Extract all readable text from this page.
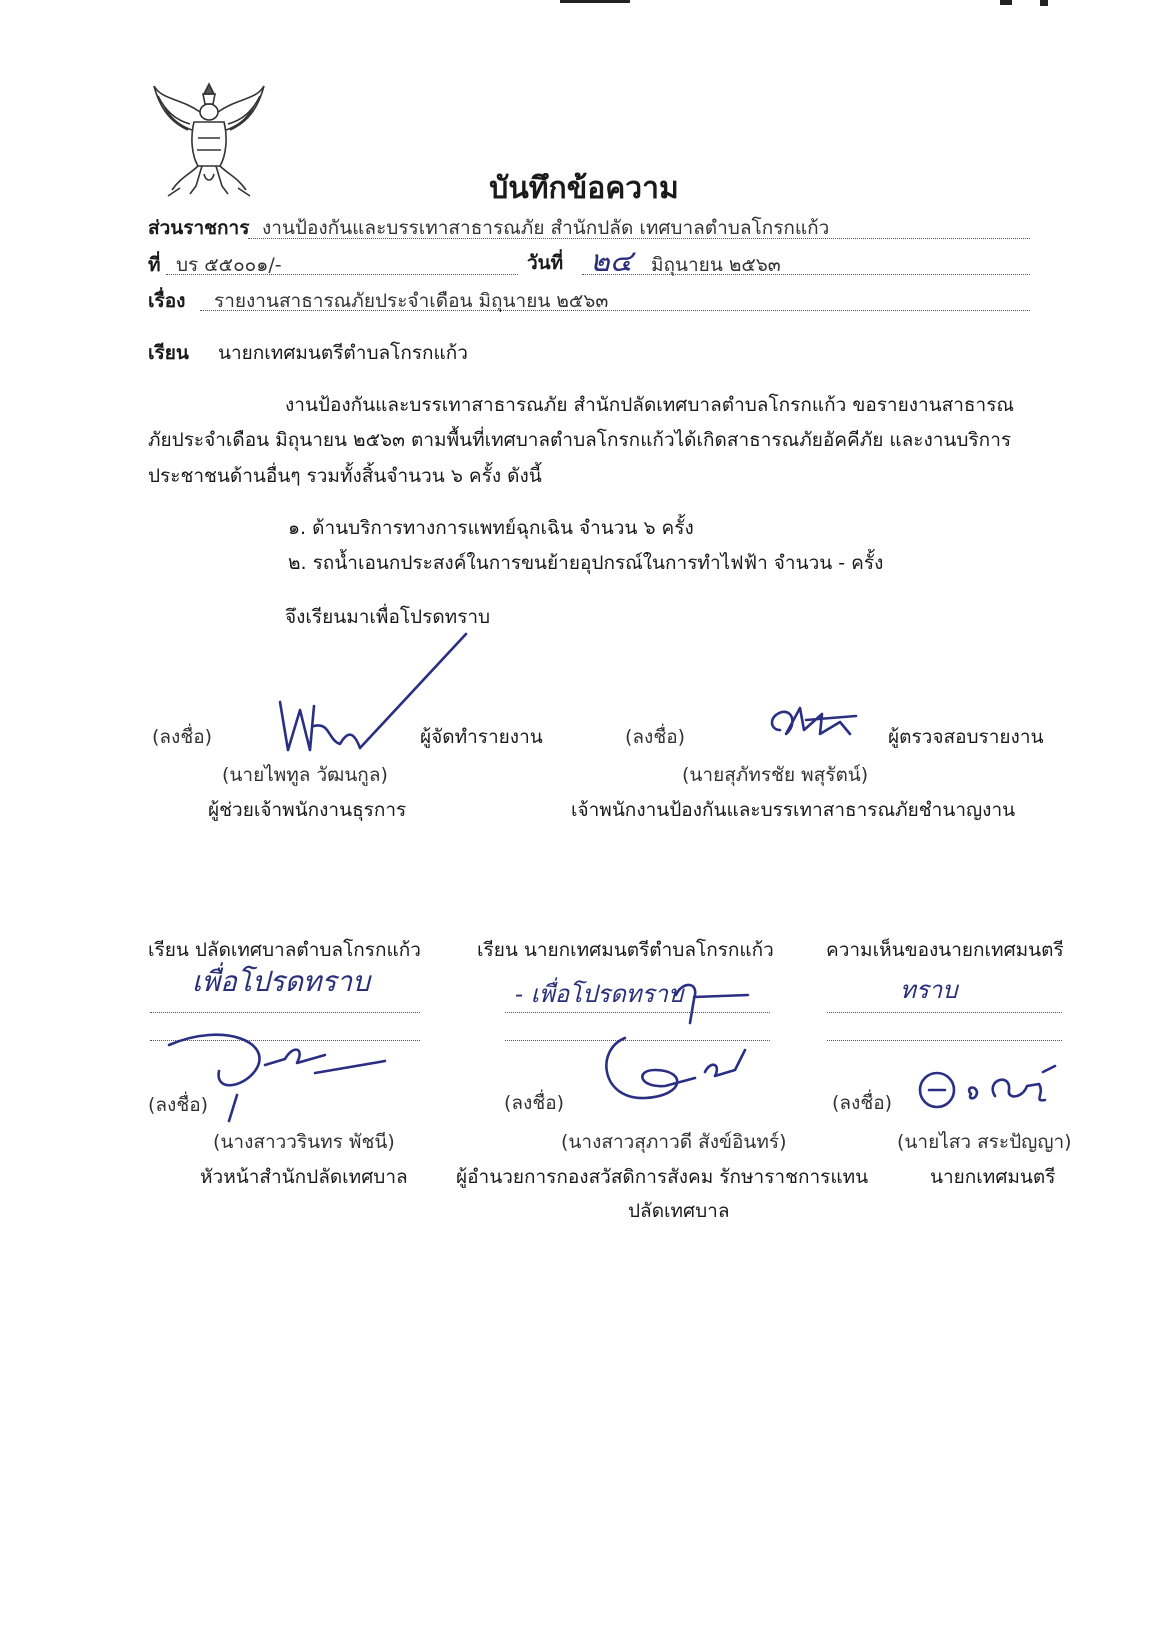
บันทึกข้อความ
ส่วนราชการ งานป้องกันและบรรเทาสาธารณภัย สำนักปลัด เทศบาลตำบลโกรกแก้ว
ที่ บร ๕๕๐๐๑/-	วันที่ ๒๔ มิถุนายน ๒๕๖๓
เรื่อง รายงานสาธารณภัยประจำเดือน มิถุนายน ๒๕๖๓
เรียน นายกเทศมนตรีตำบลโกรกแก้ว
งานป้องกันและบรรเทาสาธารณภัย สำนักปลัดเทศบาลตำบลโกรกแก้ว ขอรายงานสาธารณ
ภัยประจำเดือน มิถุนายน ๒๕๖๓ ตามพื้นที่เทศบาลตำบลโกรกแก้วได้เกิดสาธารณภัยอัคคีภัย และงานบริการ
ประชาชนด้านอื่นๆ รวมทั้งสิ้นจำนวน ๖ ครั้ง ดังนี้
๑. ด้านบริการทางการแพทย์ฉุกเฉิน จำนวน ๖ ครั้ง
๒. รถน้ำเอนกประสงค์ในการขนย้ายอุปกรณ์ในการทำไฟฟ้า จำนวน - ครั้ง
จึงเรียนมาเพื่อโปรดทราบ
(ลงชื่อ)	ผู้จัดทำรายงาน
(นายไพทูล วัฒนกูล)
ผู้ช่วยเจ้าพนักงานธุรการ
(ลงชื่อ)	ผู้ตรวจสอบรายงาน
(นายสุภัทรชัย พสุรัตน์)
เจ้าพนักงานป้องกันและบรรเทาสาธารณภัยชำนาญงาน
เรียน ปลัดเทศบาลตำบลโกรกแก้ว
เพื่อโปรดทราบ
(ลงชื่อ)
(นางสาววรินทร พัชนี)
หัวหน้าสำนักปลัดเทศบาล
เรียน นายกเทศมนตรีตำบลโกรกแก้ว
- เพื่อโปรดทราบ
(ลงชื่อ)
(นางสาวสุภาวดี สังข์อินทร์)
ผู้อำนวยการกองสวัสดิการสังคม รักษาราชการแทน
ปลัดเทศบาล
ความเห็นของนายกเทศมนตรี
ทราบ
(ลงชื่อ)
(นายไสว สระปัญญา)
นายกเทศมนตรี
